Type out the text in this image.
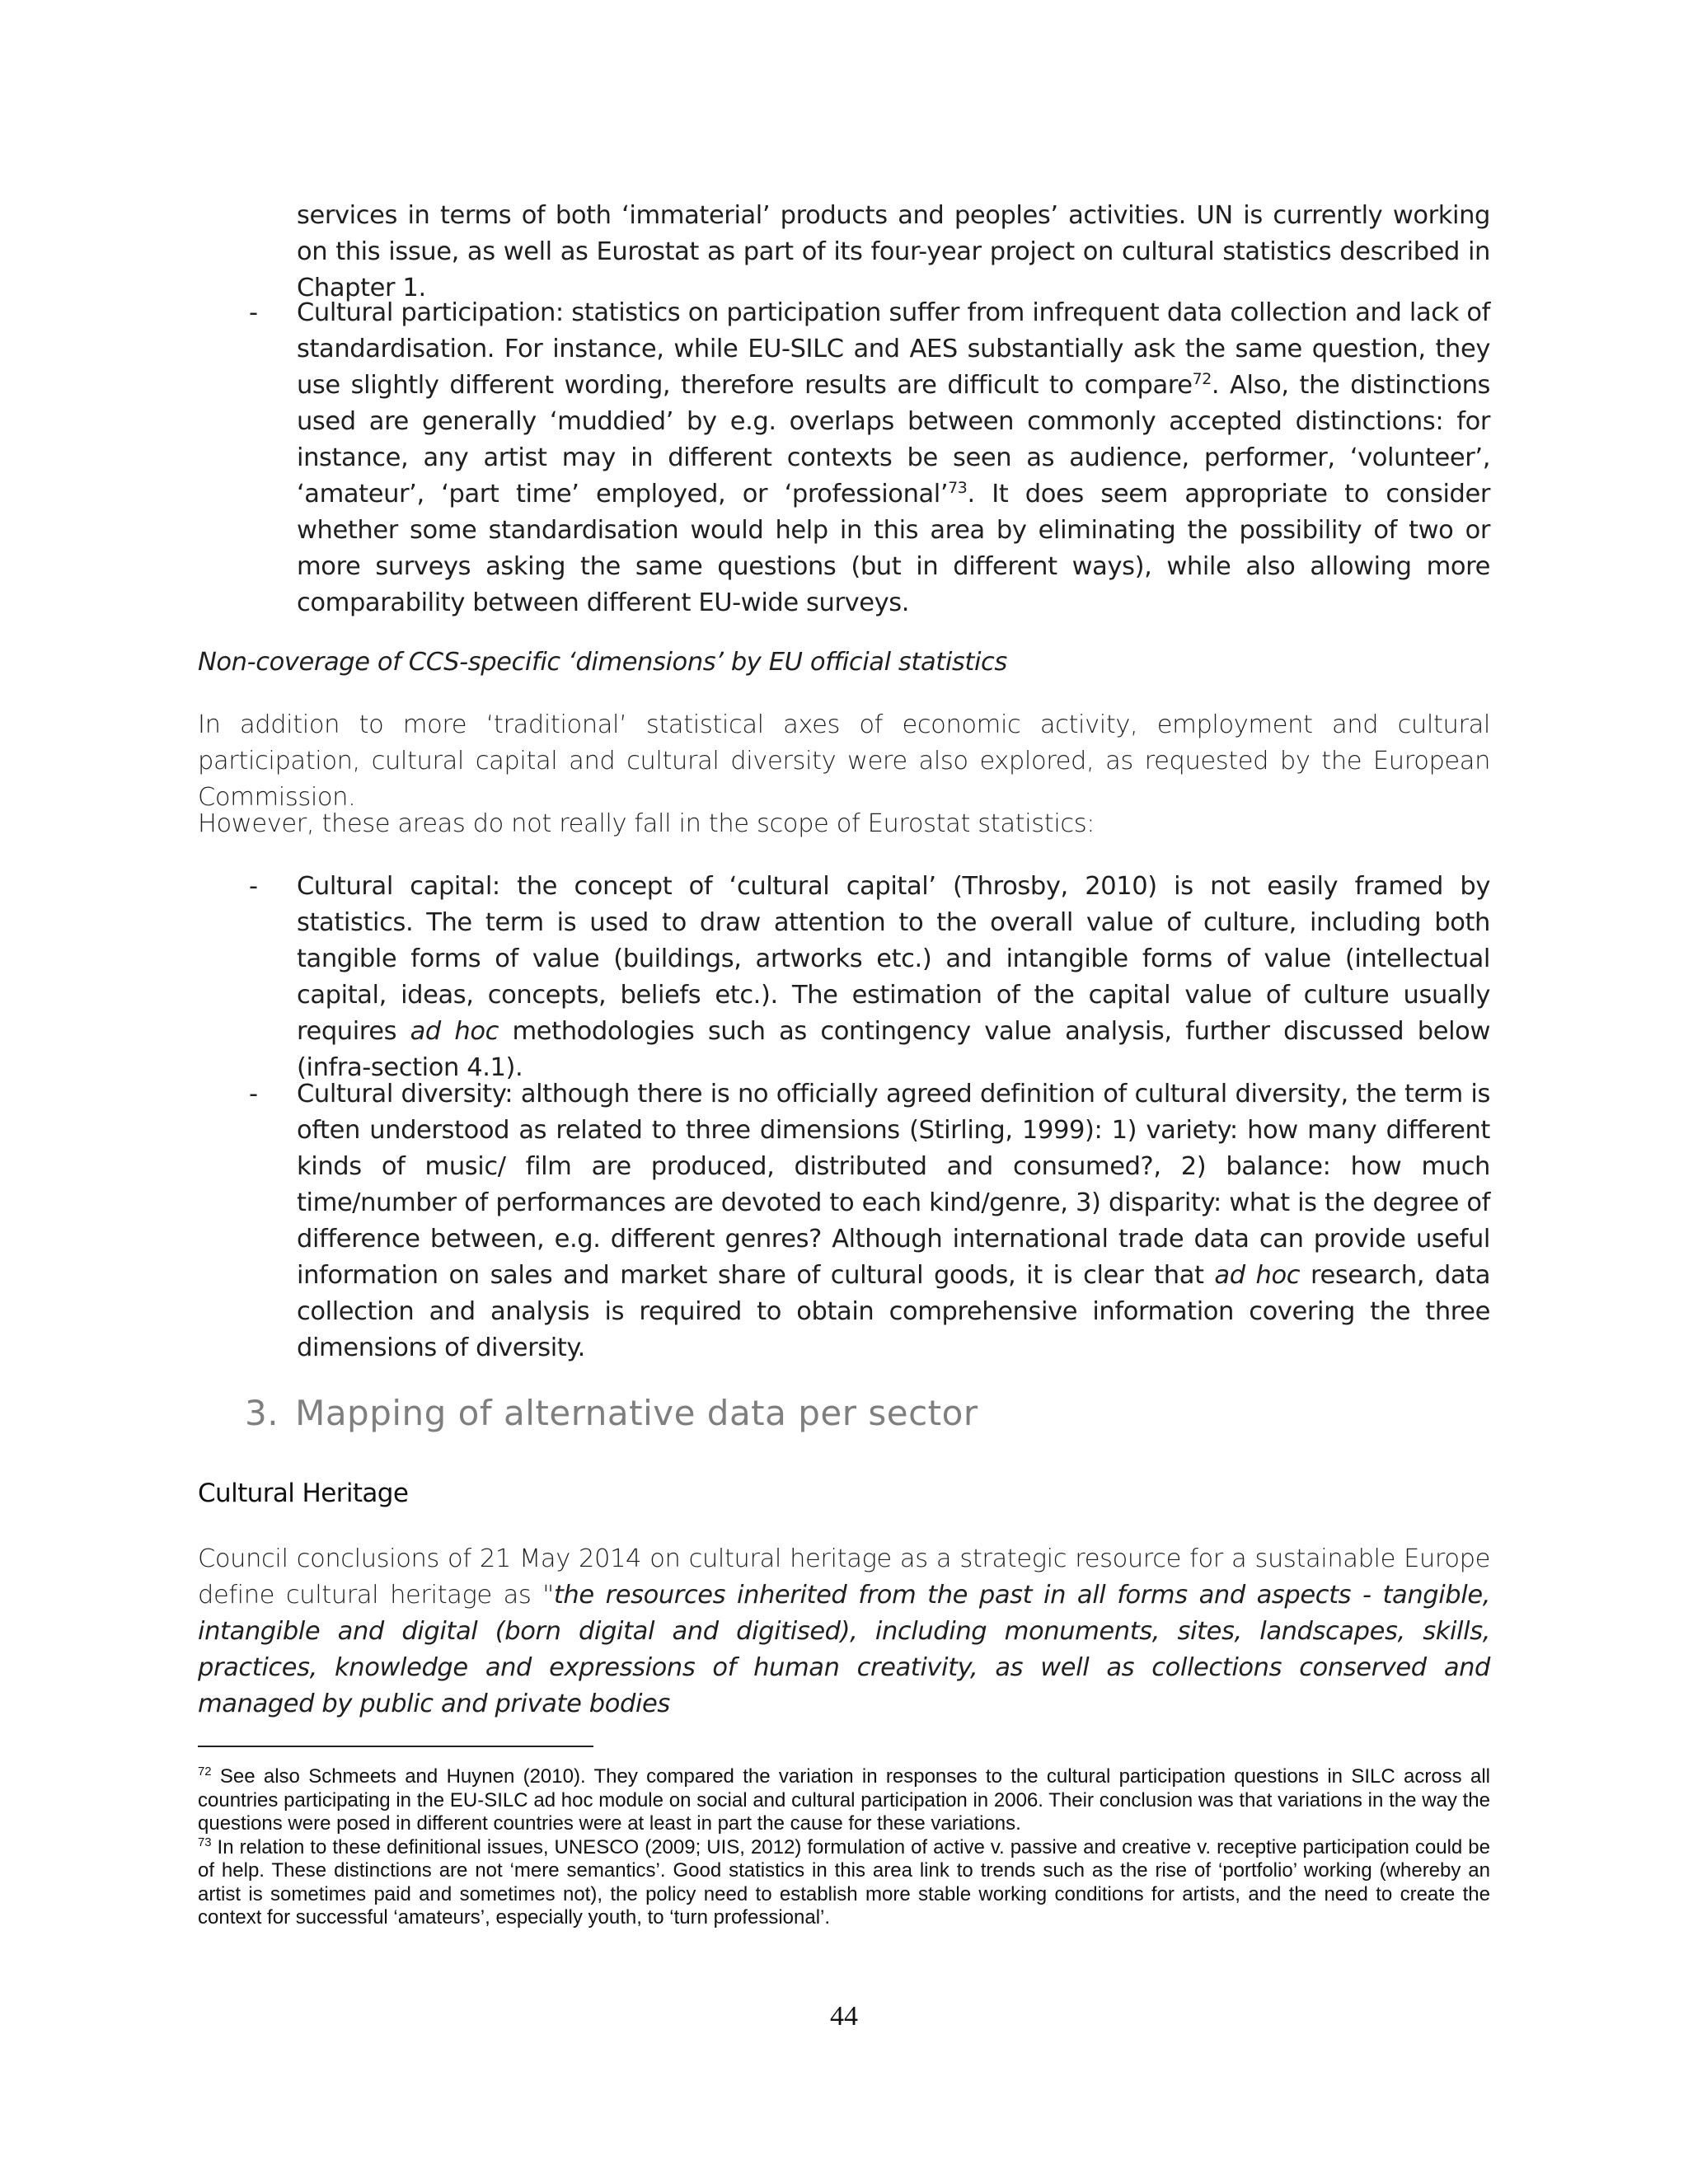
services in terms of both ‘immaterial’ products and peoples’ activities. UN is currently working on this issue, as well as Eurostat as part of its four-year project on cultural statistics described in Chapter 1.
- Cultural participation: statistics on participation suffer from infrequent data collection and lack of standardisation. For instance, while EU-SILC and AES substantially ask the same question, they use slightly different wording, therefore results are difficult to compare$^{72}$. Also, the distinctions used are generally ‘muddied’ by e.g. overlaps between commonly accepted distinctions: for instance, any artist may in different contexts be seen as audience, performer, ‘volunteer’, ‘amateur’, ‘part time’ employed, or ‘professional’$^{73}$. It does seem appropriate to consider whether some standardisation would help in this area by eliminating the possibility of two or more surveys asking the same questions (but in different ways), while also allowing more comparability between different EU-wide surveys.
Non-coverage of CCS-specific ‘dimensions’ by EU official statistics
In addition to more ‘traditional’ statistical axes of economic activity, employment and cultural participation, cultural capital and cultural diversity were also explored, as requested by the European Commission.
However, these areas do not really fall in the scope of Eurostat statistics:
- Cultural capital: the concept of ‘cultural capital’ (Throsby, 2010) is not easily framed by statistics. The term is used to draw attention to the overall value of culture, including both tangible forms of value (buildings, artworks etc.) and intangible forms of value (intellectual capital, ideas, concepts, beliefs etc.). The estimation of the capital value of culture usually requires ad hoc methodologies such as contingency value analysis, further discussed below (infra-section 4.1).
- Cultural diversity: although there is no officially agreed definition of cultural diversity, the term is often understood as related to three dimensions (Stirling, 1999): 1) variety: how many different kinds of music/ film are produced, distributed and consumed?, 2) balance: how much time/number of performances are devoted to each kind/genre, 3) disparity: what is the degree of difference between, e.g. different genres? Although international trade data can provide useful information on sales and market share of cultural goods, it is clear that ad hoc research, data collection and analysis is required to obtain comprehensive information covering the three dimensions of diversity.
3. Mapping of alternative data per sector
Cultural Heritage
Council conclusions of 21 May 2014 on cultural heritage as a strategic resource for a sustainable Europe define cultural heritage as "the resources inherited from the past in all forms and aspects - tangible, intangible and digital (born digital and digitised), including monuments, sites, landscapes, skills, practices, knowledge and expressions of human creativity, as well as collections conserved and managed by public and private bodies

$^{72}$ See also Schmeets and Huynen (2010). They compared the variation in responses to the cultural participation questions in SILC across all countries participating in the EU-SILC ad hoc module on social and cultural participation in 2006. Their conclusion was that variations in the way the questions were posed in different countries were at least in part the cause for these variations.

$^{73}$ In relation to these definitional issues, UNESCO (2009; UIS, 2012) formulation of active v. passive and creative v. receptive participation could be of help. These distinctions are not ‘mere semantics’. Good statistics in this area link to trends such as the rise of ‘portfolio’ working (whereby an artist is sometimes paid and sometimes not), the policy need to establish more stable working conditions for artists, and the need to create the context for successful ‘amateurs’, especially youth, to ‘turn professional’.

44
